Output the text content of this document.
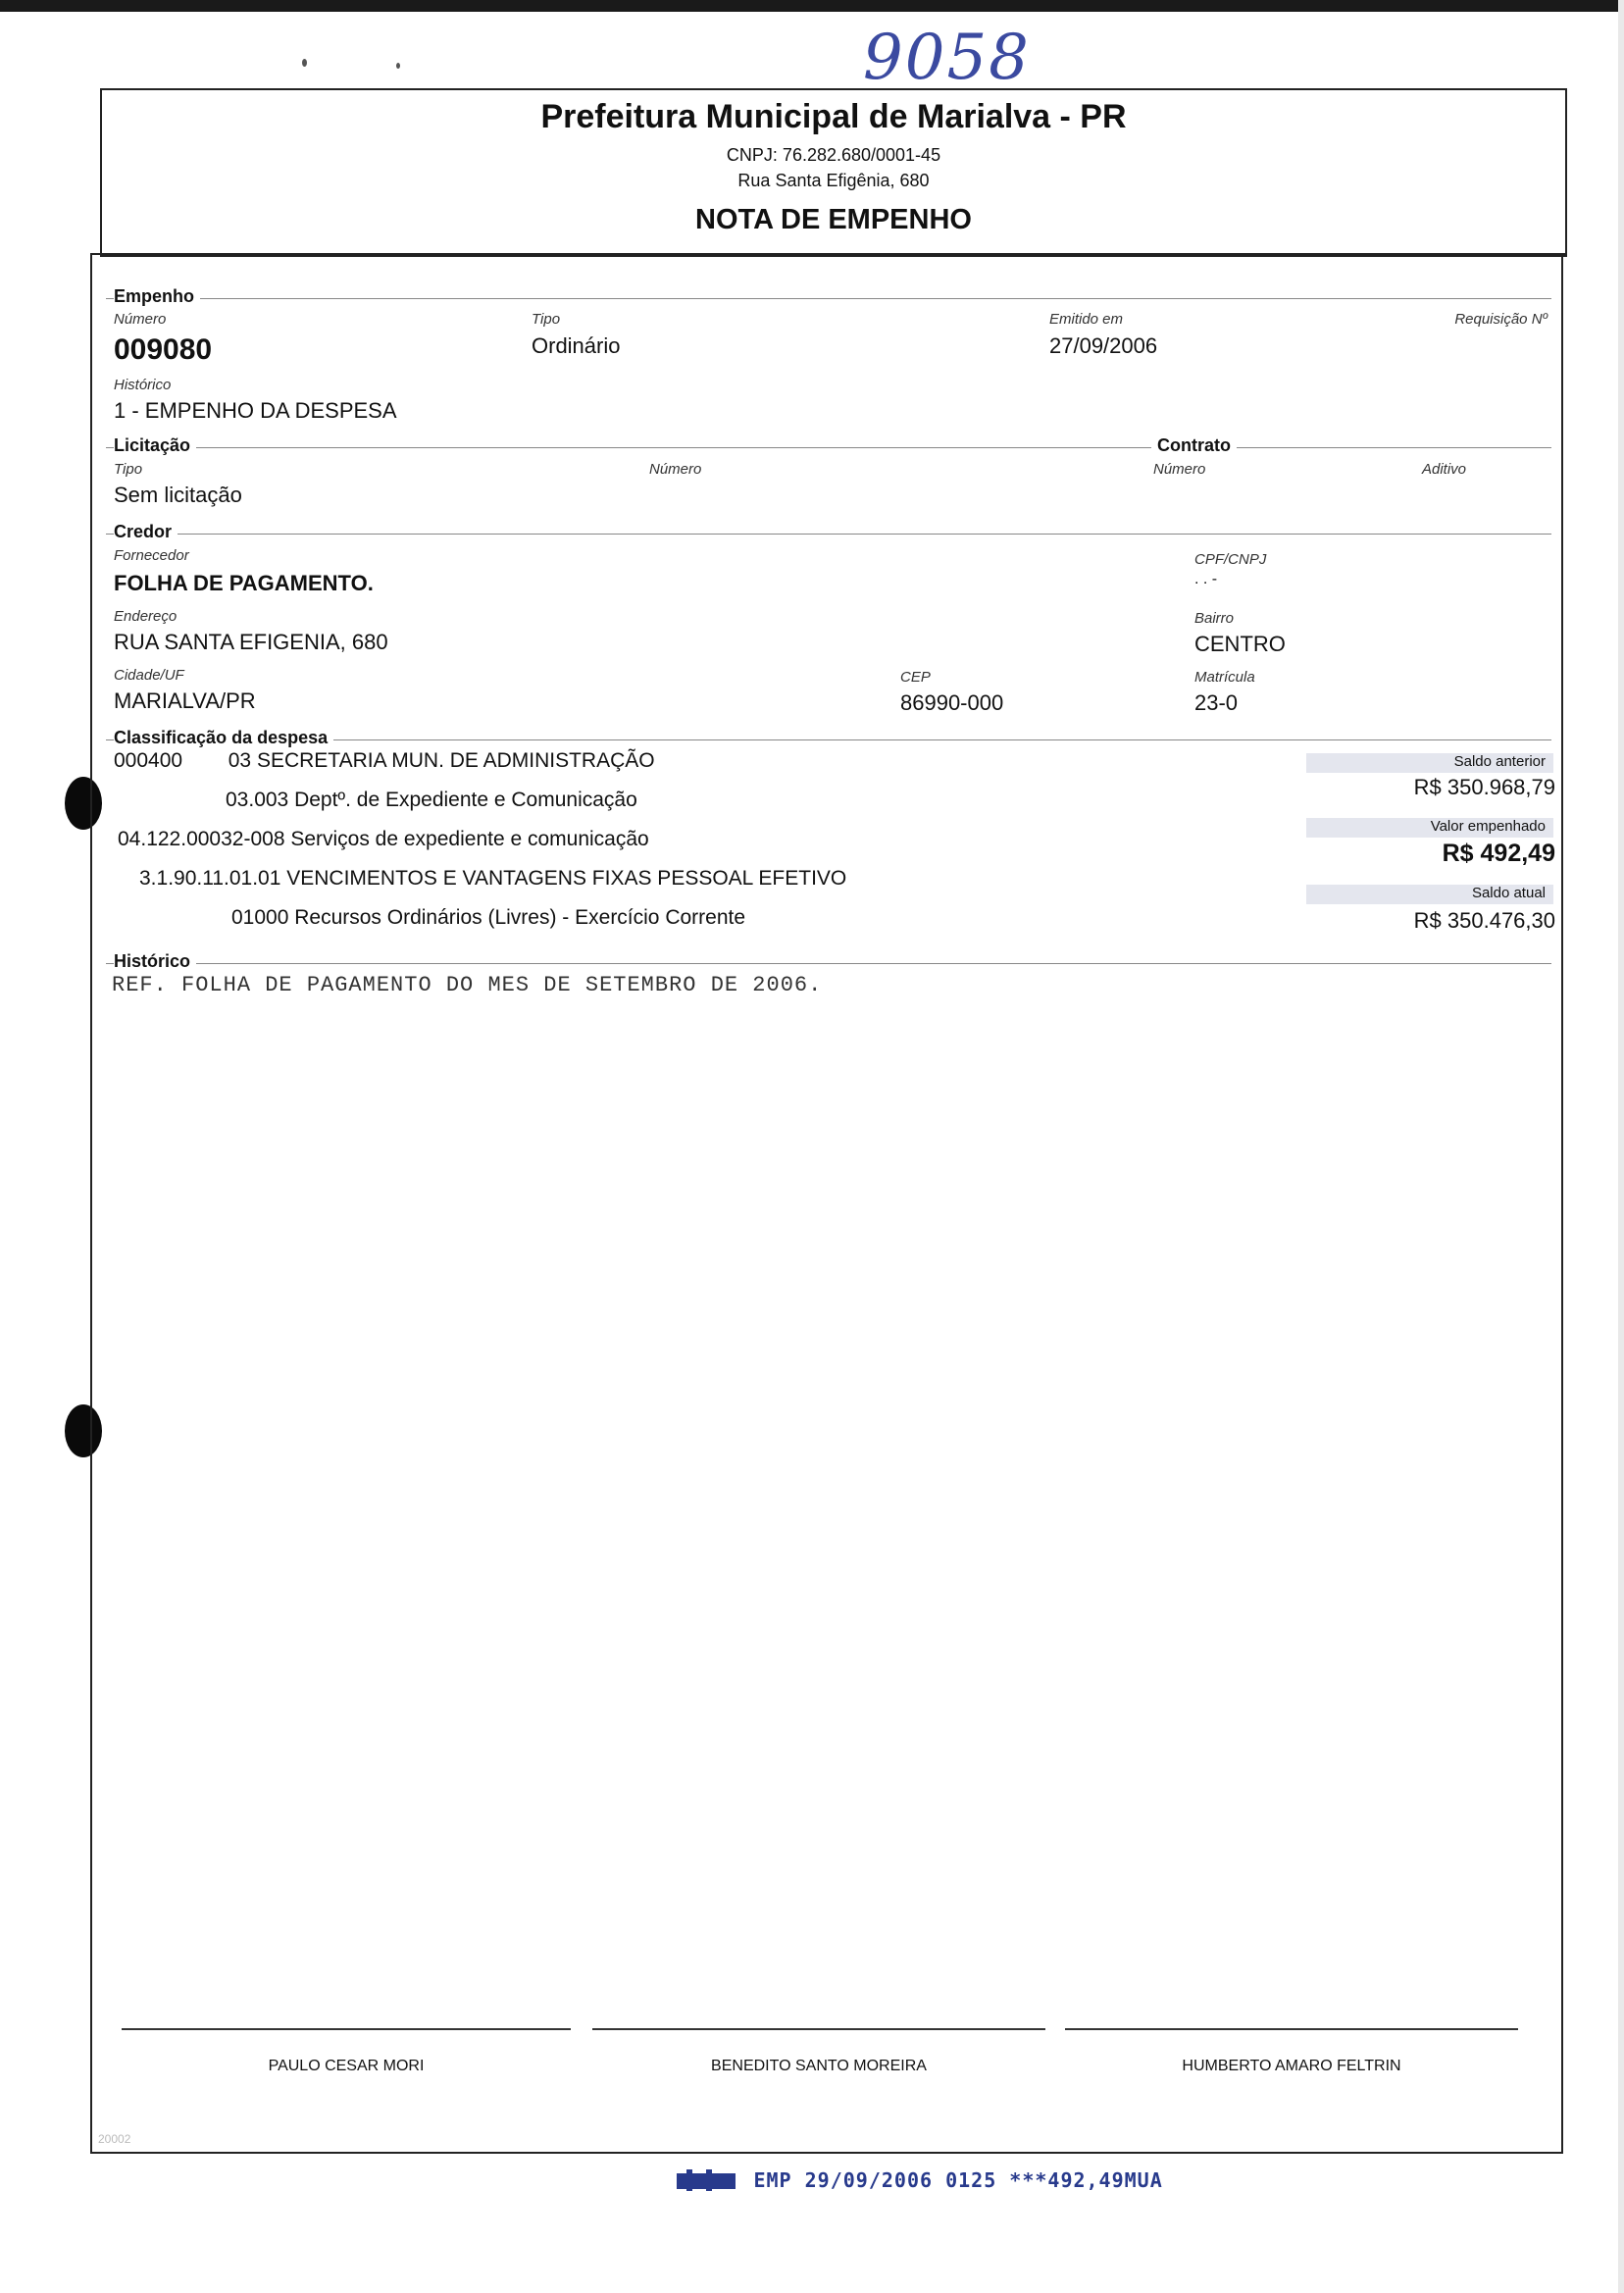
9058
Prefeitura Municipal de Marialva - PR
CNPJ: 76.282.680/0001-45
Rua Santa Efigênia, 680
NOTA DE EMPENHO
Empenho
Número
009080
Tipo
Ordinário
Emitido em
27/09/2006
Requisição Nº
Histórico
1 - EMPENHO DA DESPESA
Licitação	Contrato
Tipo
Sem licitação
Número	Número	Aditivo
Credor
Fornecedor
FOLHA DE PAGAMENTO.
CPF/CNPJ
. . -
Endereço
RUA SANTA EFIGENIA, 680
Bairro
CENTRO
Cidade/UF
MARIALVA/PR
CEP
86990-000
Matrícula
23-0
Classificação da despesa
000400        03 SECRETARIA MUN. DE ADMINISTRAÇÃO
03.003 Deptº. de Expediente e Comunicação
04.122.00032-008 Serviços de expediente e comunicação
3.1.90.11.01.01 VENCIMENTOS E VANTAGENS FIXAS PESSOAL EFETIVO
01000 Recursos Ordinários (Livres) - Exercício Corrente
Saldo anterior
R$ 350.968,79
Valor empenhado
R$ 492,49
Saldo atual
R$ 350.476,30
Histórico
REF. FOLHA DE PAGAMENTO DO MES DE SETEMBRO DE 2006.
PAULO CESAR MORI	BENEDITO SANTO MOREIRA	HUMBERTO AMARO FELTRIN
20002
EMP 29/09/2006 0125 ***492,49MUA
